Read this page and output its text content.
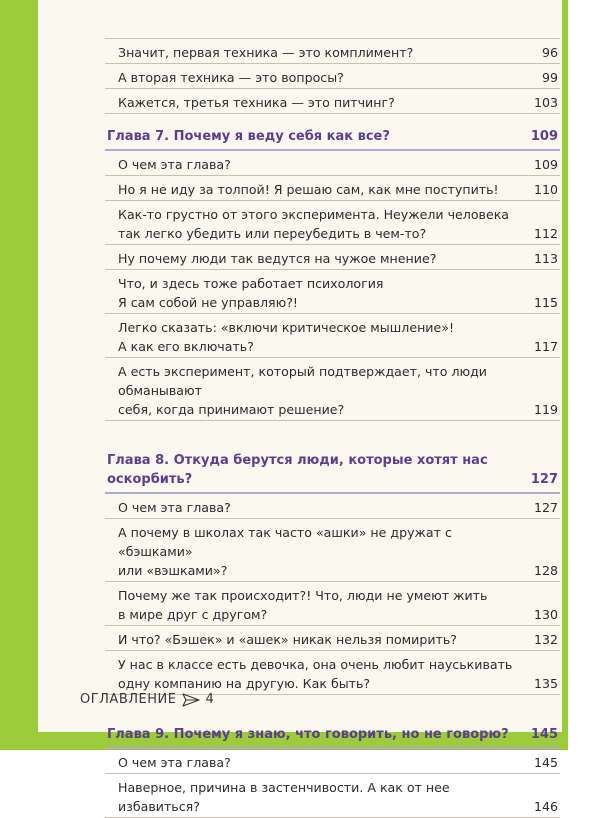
Значит, первая техника — это комплимент?	96
А вторая техника — это вопросы?	99
Кажется, третья техника — это питчинг?	103
Глава 7. Почему я веду себя как все?	109
О чем эта глава?	109
Но я не иду за толпой! Я решаю сам, как мне поступить!	110
Как-то грустно от этого эксперимента. Неужели человека
так легко убедить или переубедить в чем-то?	112
Ну почему люди так ведутся на чужое мнение?	113
Что, и здесь тоже работает психология
Я сам собой не управляю?!	115
Легко сказать: «включи критическое мышление»!
А как его включать?	117
А есть эксперимент, который подтверждает, что люди обманывают
себя, когда принимают решение?	119
Глава 8. Откуда берутся люди, которые хотят нас оскорбить?	127
О чем эта глава?	127
А почему в школах так часто «ашки» не дружат с «бэшками»
или «вэшками»?	128
Почему же так происходит?! Что, люди не умеют жить
в мире друг с другом?	130
И что? «Бэшек» и «ашек» никак нельзя помирить?	132
У нас в классе есть девочка, она очень любит науськивать
одну компанию на другую. Как быть?	135
Глава 9. Почему я знаю, что говорить, но не говорю?	145
О чем эта глава?	145
Наверное, причина в застенчивости. А как от нее избавиться?	146
ОГЛАВЛЕНИЕ 4
